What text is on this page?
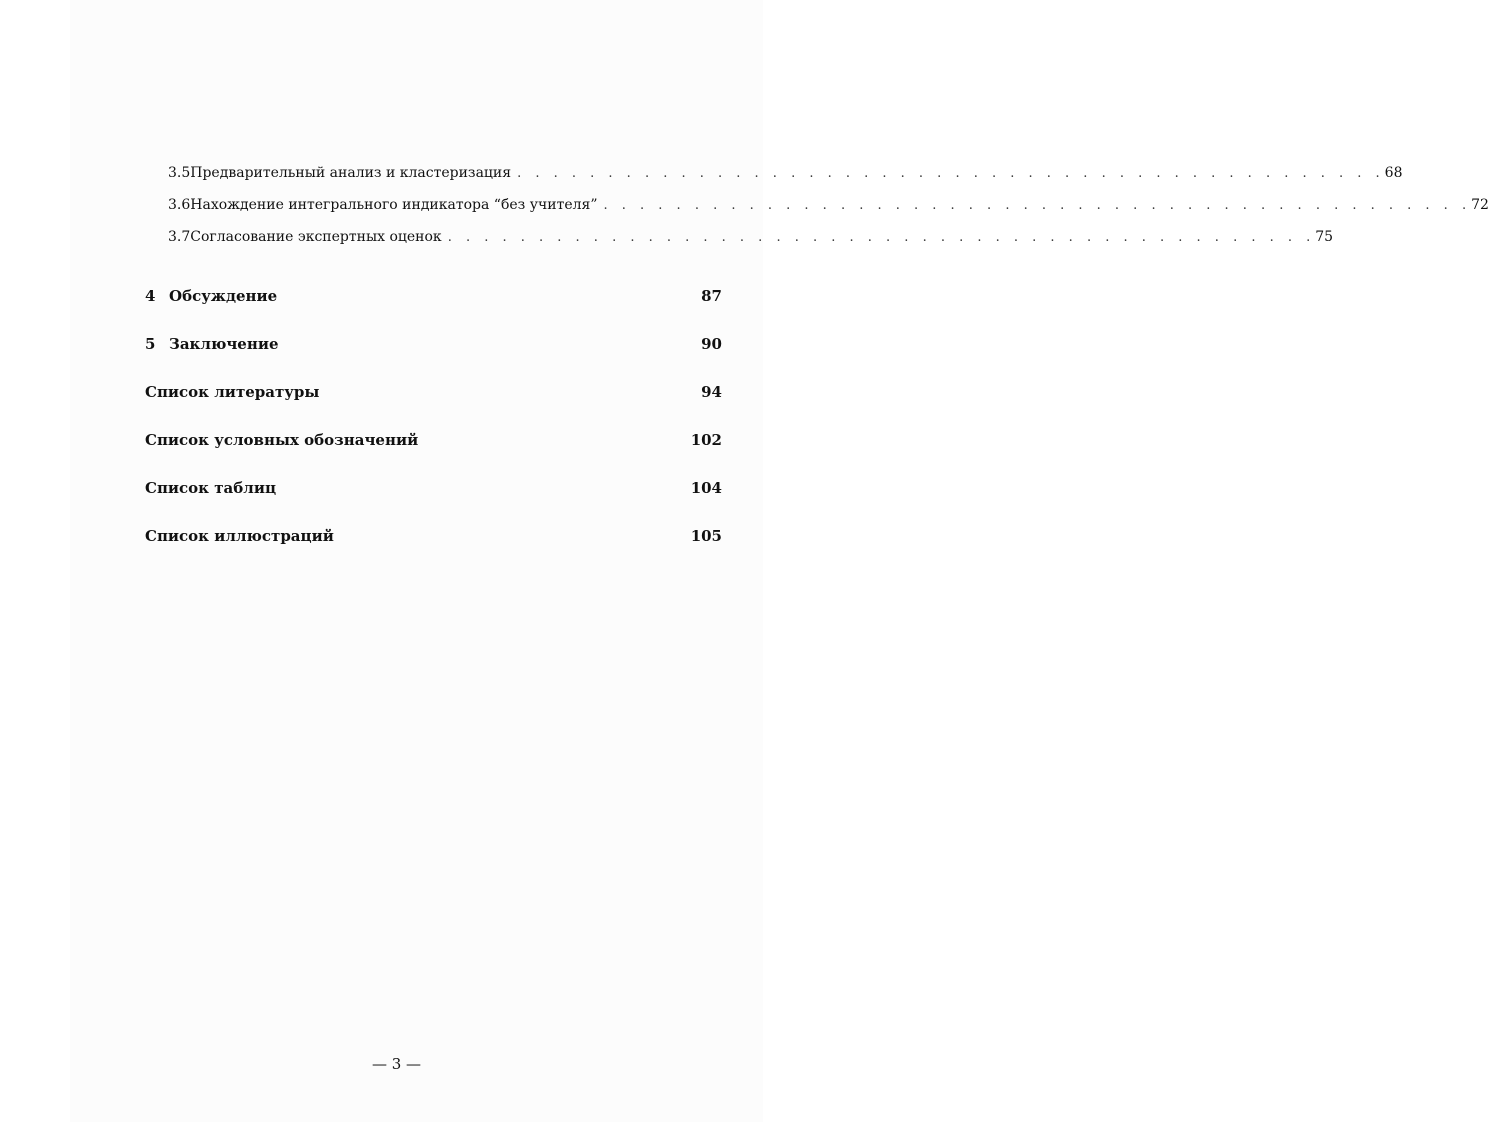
3.5 Предварительный анализ и кластеризация . . . . . . . . . . . . . . . . . . . . . . . . . . . . . . . . . . . . . . . . . . . . . . . . 68
3.6 Нахождение интегрального индикатора “без учителя” . . . . . . . . . . . . . . . . . . . . . . . . . . . . . . . . . . . . . . . . . . . . . . . . 72
3.7 Согласование экспертных оценок . . . . . . . . . . . . . . . . . . . . . . . . . . . . . . . . . . . . . . . . . . . . . . . . 75
4 Обсуждение	87
5 Заключение	90
Список литературы	94
Список условных обозначений	102
Список таблиц	104
Список иллюстраций	105
— 3 —
